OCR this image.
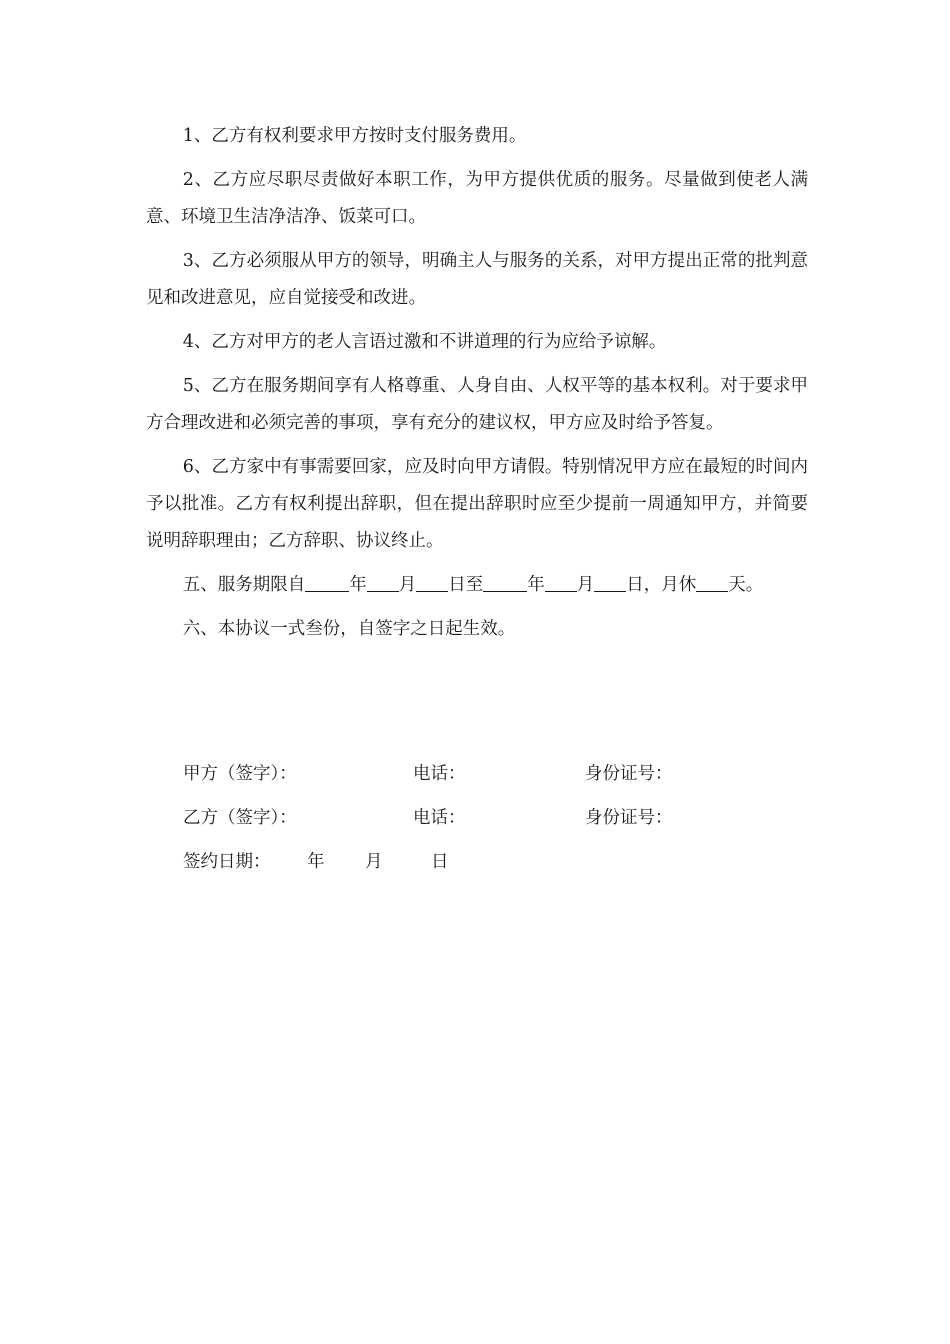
1、乙方有权利要求甲方按时支付服务费用。

2、乙方应尽职尽责做好本职工作，为甲方提供优质的服务。尽量做到使老人满意、环境卫生洁净洁净、饭菜可口。

3、乙方必须服从甲方的领导，明确主人与服务的关系，对甲方提出正常的批判意见和改进意见，应自觉接受和改进。

4、乙方对甲方的老人言语过激和不讲道理的行为应给予谅解。

5、乙方在服务期间享有人格尊重、人身自由、人权平等的基本权利。对于要求甲方合理改进和必须完善的事项，享有充分的建议权，甲方应及时给予答复。

6、乙方家中有事需要回家，应及时向甲方请假。特别情况甲方应在最短的时间内予以批准。乙方有权利提出辞职，但在提出辞职时应至少提前一周通知甲方，并简要说明辞职理由；乙方辞职、协议终止。

五、服务期限自	年 月 日至	年 月 日，月休 天。

六、本协议一式叁份，自签字之日起生效。

甲方（签字）：	电话：	身份证号：
乙方（签字）：	电话：	身份证号：
签约日期： 年 月	日
